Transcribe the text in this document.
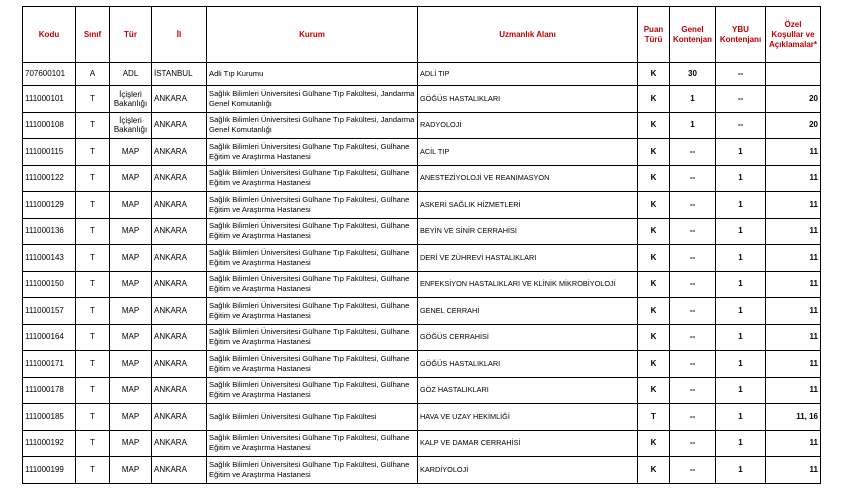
Kodu	Sınıf	Tür	İl	Kurum	Uzmanlık Alanı	Puan Türü	Genel Kontenjan	YBU Kontenjanı	Özel Koşullar ve Açıklamalar*
707600101	A	ADL	İSTANBUL	Adli Tıp Kurumu	ADLİ TIP	K	30	--	
111000101	T	İçişleri Bakanlığı	ANKARA	Sağlık Bilimleri Üniversitesi Gülhane Tıp Fakültesi, Jandarma Genel Komutanlığı	GÖĞÜS HASTALIKLARI	K	1	--	20
111000108	T	İçişleri Bakanlığı	ANKARA	Sağlık Bilimleri Üniversitesi Gülhane Tıp Fakültesi, Jandarma Genel Komutanlığı	RADYOLOJİ	K	1	--	20
111000115	T	MAP	ANKARA	Sağlık Bilimleri Üniversitesi Gülhane Tıp Fakültesi, Gülhane Eğitim ve Araştırma Hastanesi	ACİL TIP	K	--	1	11
111000122	T	MAP	ANKARA	Sağlık Bilimleri Üniversitesi Gülhane Tıp Fakültesi, Gülhane Eğitim ve Araştırma Hastanesi	ANESTEZİYOLOJİ VE REANİMASYON	K	--	1	11
111000129	T	MAP	ANKARA	Sağlık Bilimleri Üniversitesi Gülhane Tıp Fakültesi, Gülhane Eğitim ve Araştırma Hastanesi	ASKERİ SAĞLIK HİZMETLERİ	K	--	1	11
111000136	T	MAP	ANKARA	Sağlık Bilimleri Üniversitesi Gülhane Tıp Fakültesi, Gülhane Eğitim ve Araştırma Hastanesi	BEYİN VE SİNİR CERRAHİSİ	K	--	1	11
111000143	T	MAP	ANKARA	Sağlık Bilimleri Üniversitesi Gülhane Tıp Fakültesi, Gülhane Eğitim ve Araştırma Hastanesi	DERİ VE ZÜHREVİ HASTALIKLARI	K	--	1	11
111000150	T	MAP	ANKARA	Sağlık Bilimleri Üniversitesi Gülhane Tıp Fakültesi, Gülhane Eğitim ve Araştırma Hastanesi	ENFEKSİYON HASTALIKLARI VE KLİNİK MİKROBİYOLOJİ	K	--	1	11
111000157	T	MAP	ANKARA	Sağlık Bilimleri Üniversitesi Gülhane Tıp Fakültesi, Gülhane Eğitim ve Araştırma Hastanesi	GENEL CERRAHİ	K	--	1	11
111000164	T	MAP	ANKARA	Sağlık Bilimleri Üniversitesi Gülhane Tıp Fakültesi, Gülhane Eğitim ve Araştırma Hastanesi	GÖĞÜS CERRAHİSİ	K	--	1	11
111000171	T	MAP	ANKARA	Sağlık Bilimleri Üniversitesi Gülhane Tıp Fakültesi, Gülhane Eğitim ve Araştırma Hastanesi	GÖĞÜS HASTALIKLARI	K	--	1	11
111000178	T	MAP	ANKARA	Sağlık Bilimleri Üniversitesi Gülhane Tıp Fakültesi, Gülhane Eğitim ve Araştırma Hastanesi	GÖZ HASTALIKLARI	K	--	1	11
111000185	T	MAP	ANKARA	Sağlık Bilimleri Üniversitesi Gülhane Tıp Fakültesi	HAVA VE UZAY HEKİMLİĞİ	T	--	1	11, 16
111000192	T	MAP	ANKARA	Sağlık Bilimleri Üniversitesi Gülhane Tıp Fakültesi, Gülhane Eğitim ve Araştırma Hastanesi	KALP VE DAMAR CERRAHİSİ	K	--	1	11
111000199	T	MAP	ANKARA	Sağlık Bilimleri Üniversitesi Gülhane Tıp Fakültesi, Gülhane Eğitim ve Araştırma Hastanesi	KARDİYOLOJİ	K	--	1	11
